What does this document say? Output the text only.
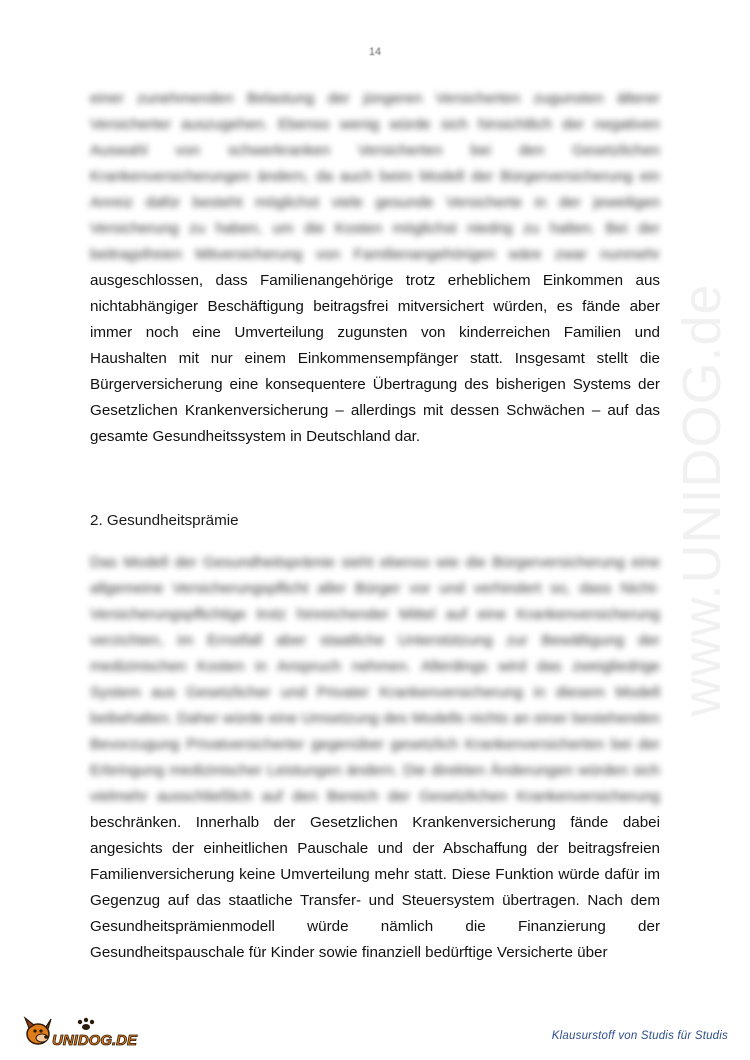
14
www.UNIDOG.de

einer zunehmenden Belastung der jüngeren Versicherten zugunsten älterer Versicherter auszugehen. Ebenso wenig würde sich hinsichtlich der negativen Auswahl von schwerkranken Versicherten bei den Gesetzlichen Krankenversicherungen ändern, da auch beim Modell der Bürgerversicherung ein Anreiz dafür besteht möglichst viele gesunde Versicherte in der jeweiligen Versicherung zu haben, um die Kosten möglichst niedrig zu halten. Bei der beitragsfreien Mitversicherung von Familienangehörigen wäre zwar nunmehr ausgeschlossen, dass Familienangehörige trotz erheblichem Einkommen aus nichtabhängiger Beschäftigung beitragsfrei mitversichert würden, es fände aber immer noch eine Umverteilung zugunsten von kinderreichen Familien und Haushalten mit nur einem Einkommensempfänger statt. Insgesamt stellt die Bürgerversicherung eine konsequentere Übertragung des bisherigen Systems der Gesetzlichen Krankenversicherung – allerdings mit dessen Schwächen – auf das gesamte Gesundheitssystem in Deutschland dar.

2. Gesundheitsprämie

Das Modell der Gesundheitsprämie sieht ebenso wie die Bürgerversicherung eine allgemeine Versicherungspflicht aller Bürger vor und verhindert so, dass Nicht-Versicherungspflichtige trotz hinreichender Mittel auf eine Krankenversicherung verzichten, im Ernstfall aber staatliche Unterstützung zur Bewältigung der medizinischen Kosten in Anspruch nehmen. Allerdings wird das zweigliedrige System aus Gesetzlicher und Privater Krankenversicherung in diesem Modell beibehalten. Daher würde eine Umsetzung des Modells nichts an einer bestehenden Bevorzugung Privatversicherter gegenüber gesetzlich Krankenversicherten bei der Erbringung medizinischer Leistungen ändern. Die direkten Änderungen würden sich vielmehr ausschließlich auf den Bereich der Gesetzlichen Krankenversicherung beschränken. Innerhalb der Gesetzlichen Krankenversicherung fände dabei angesichts der einheitlichen Pauschale und der Abschaffung der beitragsfreien Familienversicherung keine Umverteilung mehr statt. Diese Funktion würde dafür im Gegenzug auf das staatliche Transfer- und Steuersystem übertragen. Nach dem Gesundheitsprämienmodell würde nämlich die Finanzierung der Gesundheitspauschale für Kinder sowie finanziell bedürftige Versicherte über

UNIDOG.DE	Klausurstoff von Studis für Studis
